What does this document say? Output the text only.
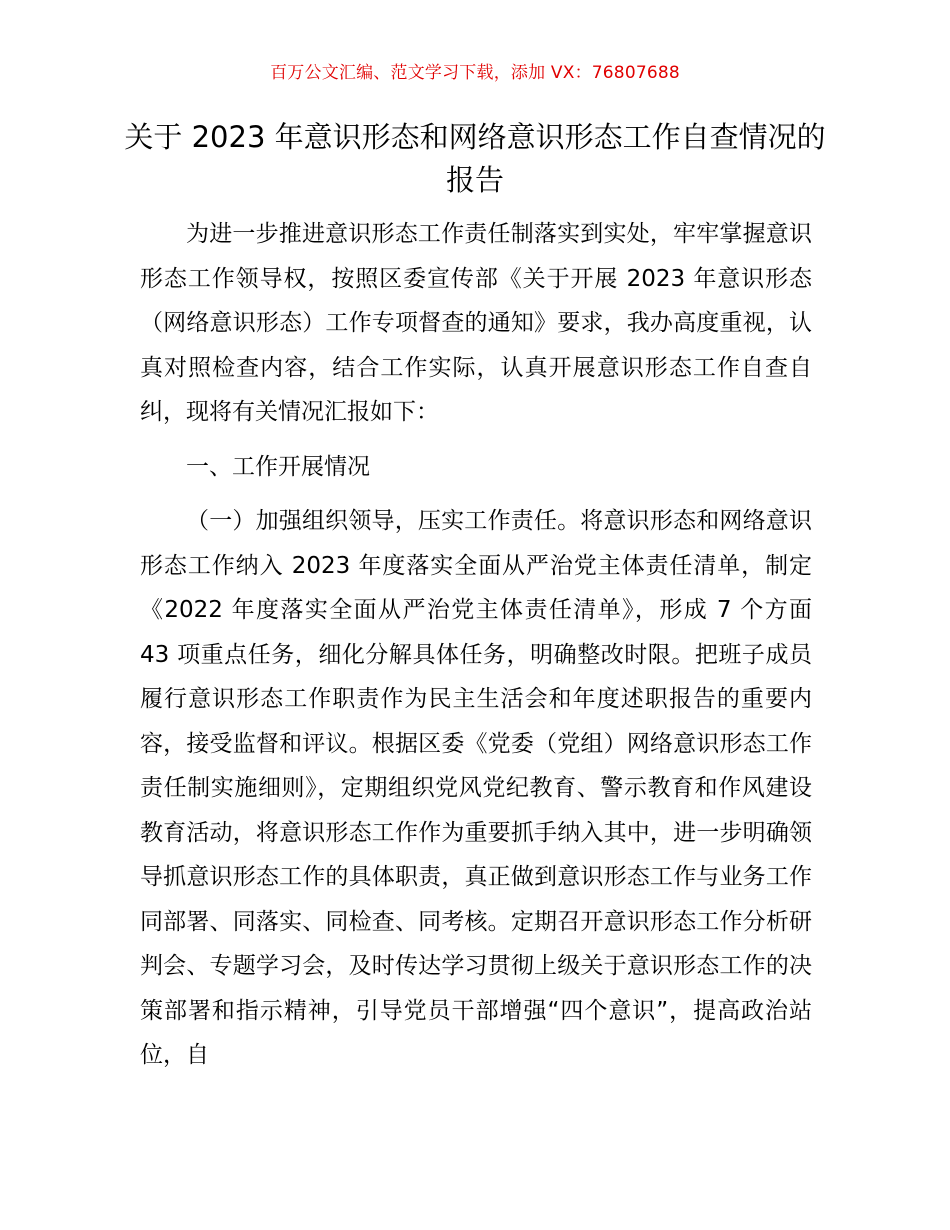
百万公文汇编、范文学习下载，添加 VX：76807688
关于 2023 年意识形态和网络意识形态工作自查情况的报告

为进一步推进意识形态工作责任制落实到实处，牢牢掌握意识形态工作领导权，按照区委宣传部《关于开展 2023 年意识形态（网络意识形态）工作专项督查的通知》要求，我办高度重视，认真对照检查内容，结合工作实际，认真开展意识形态工作自查自纠，现将有关情况汇报如下：

一、工作开展情况

（一）加强组织领导，压实工作责任。将意识形态和网络意识形态工作纳入 2023 年度落实全面从严治党主体责任清单，制定《2022 年度落实全面从严治党主体责任清单》，形成 7 个方面 43 项重点任务，细化分解具体任务，明确整改时限。把班子成员履行意识形态工作职责作为民主生活会和年度述职报告的重要内容，接受监督和评议。根据区委《党委（党组）网络意识形态工作责任制实施细则》，定期组织党风党纪教育、警示教育和作风建设教育活动，将意识形态工作作为重要抓手纳入其中，进一步明确领导抓意识形态工作的具体职责，真正做到意识形态工作与业务工作同部署、同落实、同检查、同考核。定期召开意识形态工作分析研判会、专题学习会，及时传达学习贯彻上级关于意识形态工作的决策部署和指示精神，引导党员干部增强“四个意识”，提高政治站位，自
